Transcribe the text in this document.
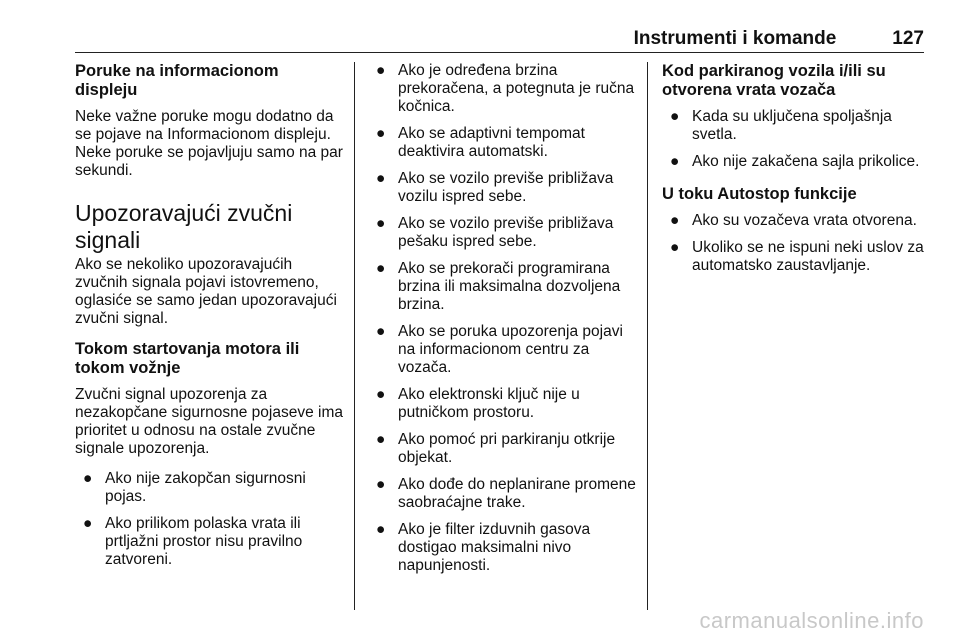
Instrumenti i komande	127
Poruke na informacionom displeju

Neke važne poruke mogu dodatno da se pojave na Informacionom displeju. Neke poruke se pojavljuju samo na par sekundi.

Upozoravajući zvučni signali

Ako se nekoliko upozoravajućih zvučnih signala pojavi istovremeno, oglasiće se samo jedan upozoravajući zvučni signal.

Tokom startovanja motora ili tokom vožnje

Zvučni signal upozorenja za nezakopčane sigurnosne pojaseve ima prioritet u odnosu na ostale zvučne signale upozorenja.

● Ako nije zakopčan sigurnosni pojas.
● Ako prilikom polaska vrata ili prtljažni prostor nisu pravilno zatvoreni.
● Ako je određena brzina prekoračena, a potegnuta je ručna kočnica.
● Ako se adaptivni tempomat deaktivira automatski.
● Ako se vozilo previše približava vozilu ispred sebe.
● Ako se vozilo previše približava pešaku ispred sebe.
● Ako se prekorači programirana brzina ili maksimalna dozvoljena brzina.
● Ako se poruka upozorenja pojavi na informacionom centru za vozača.
● Ako elektronski ključ nije u putničkom prostoru.
● Ako pomoć pri parkiranju otkrije objekat.
● Ako dođe do neplanirane promene saobraćajne trake.
● Ako je filter izduvnih gasova dostigao maksimalni nivo napunjenosti.
Kod parkiranog vozila i/ili su otvorena vrata vozača
● Kada su uključena spoljašnja svetla.
● Ako nije zakačena sajla prikolice.
U toku Autostop funkcije
● Ako su vozačeva vrata otvorena.
● Ukoliko se ne ispuni neki uslov za automatsko zaustavljanje.
carmanualsonline.info
